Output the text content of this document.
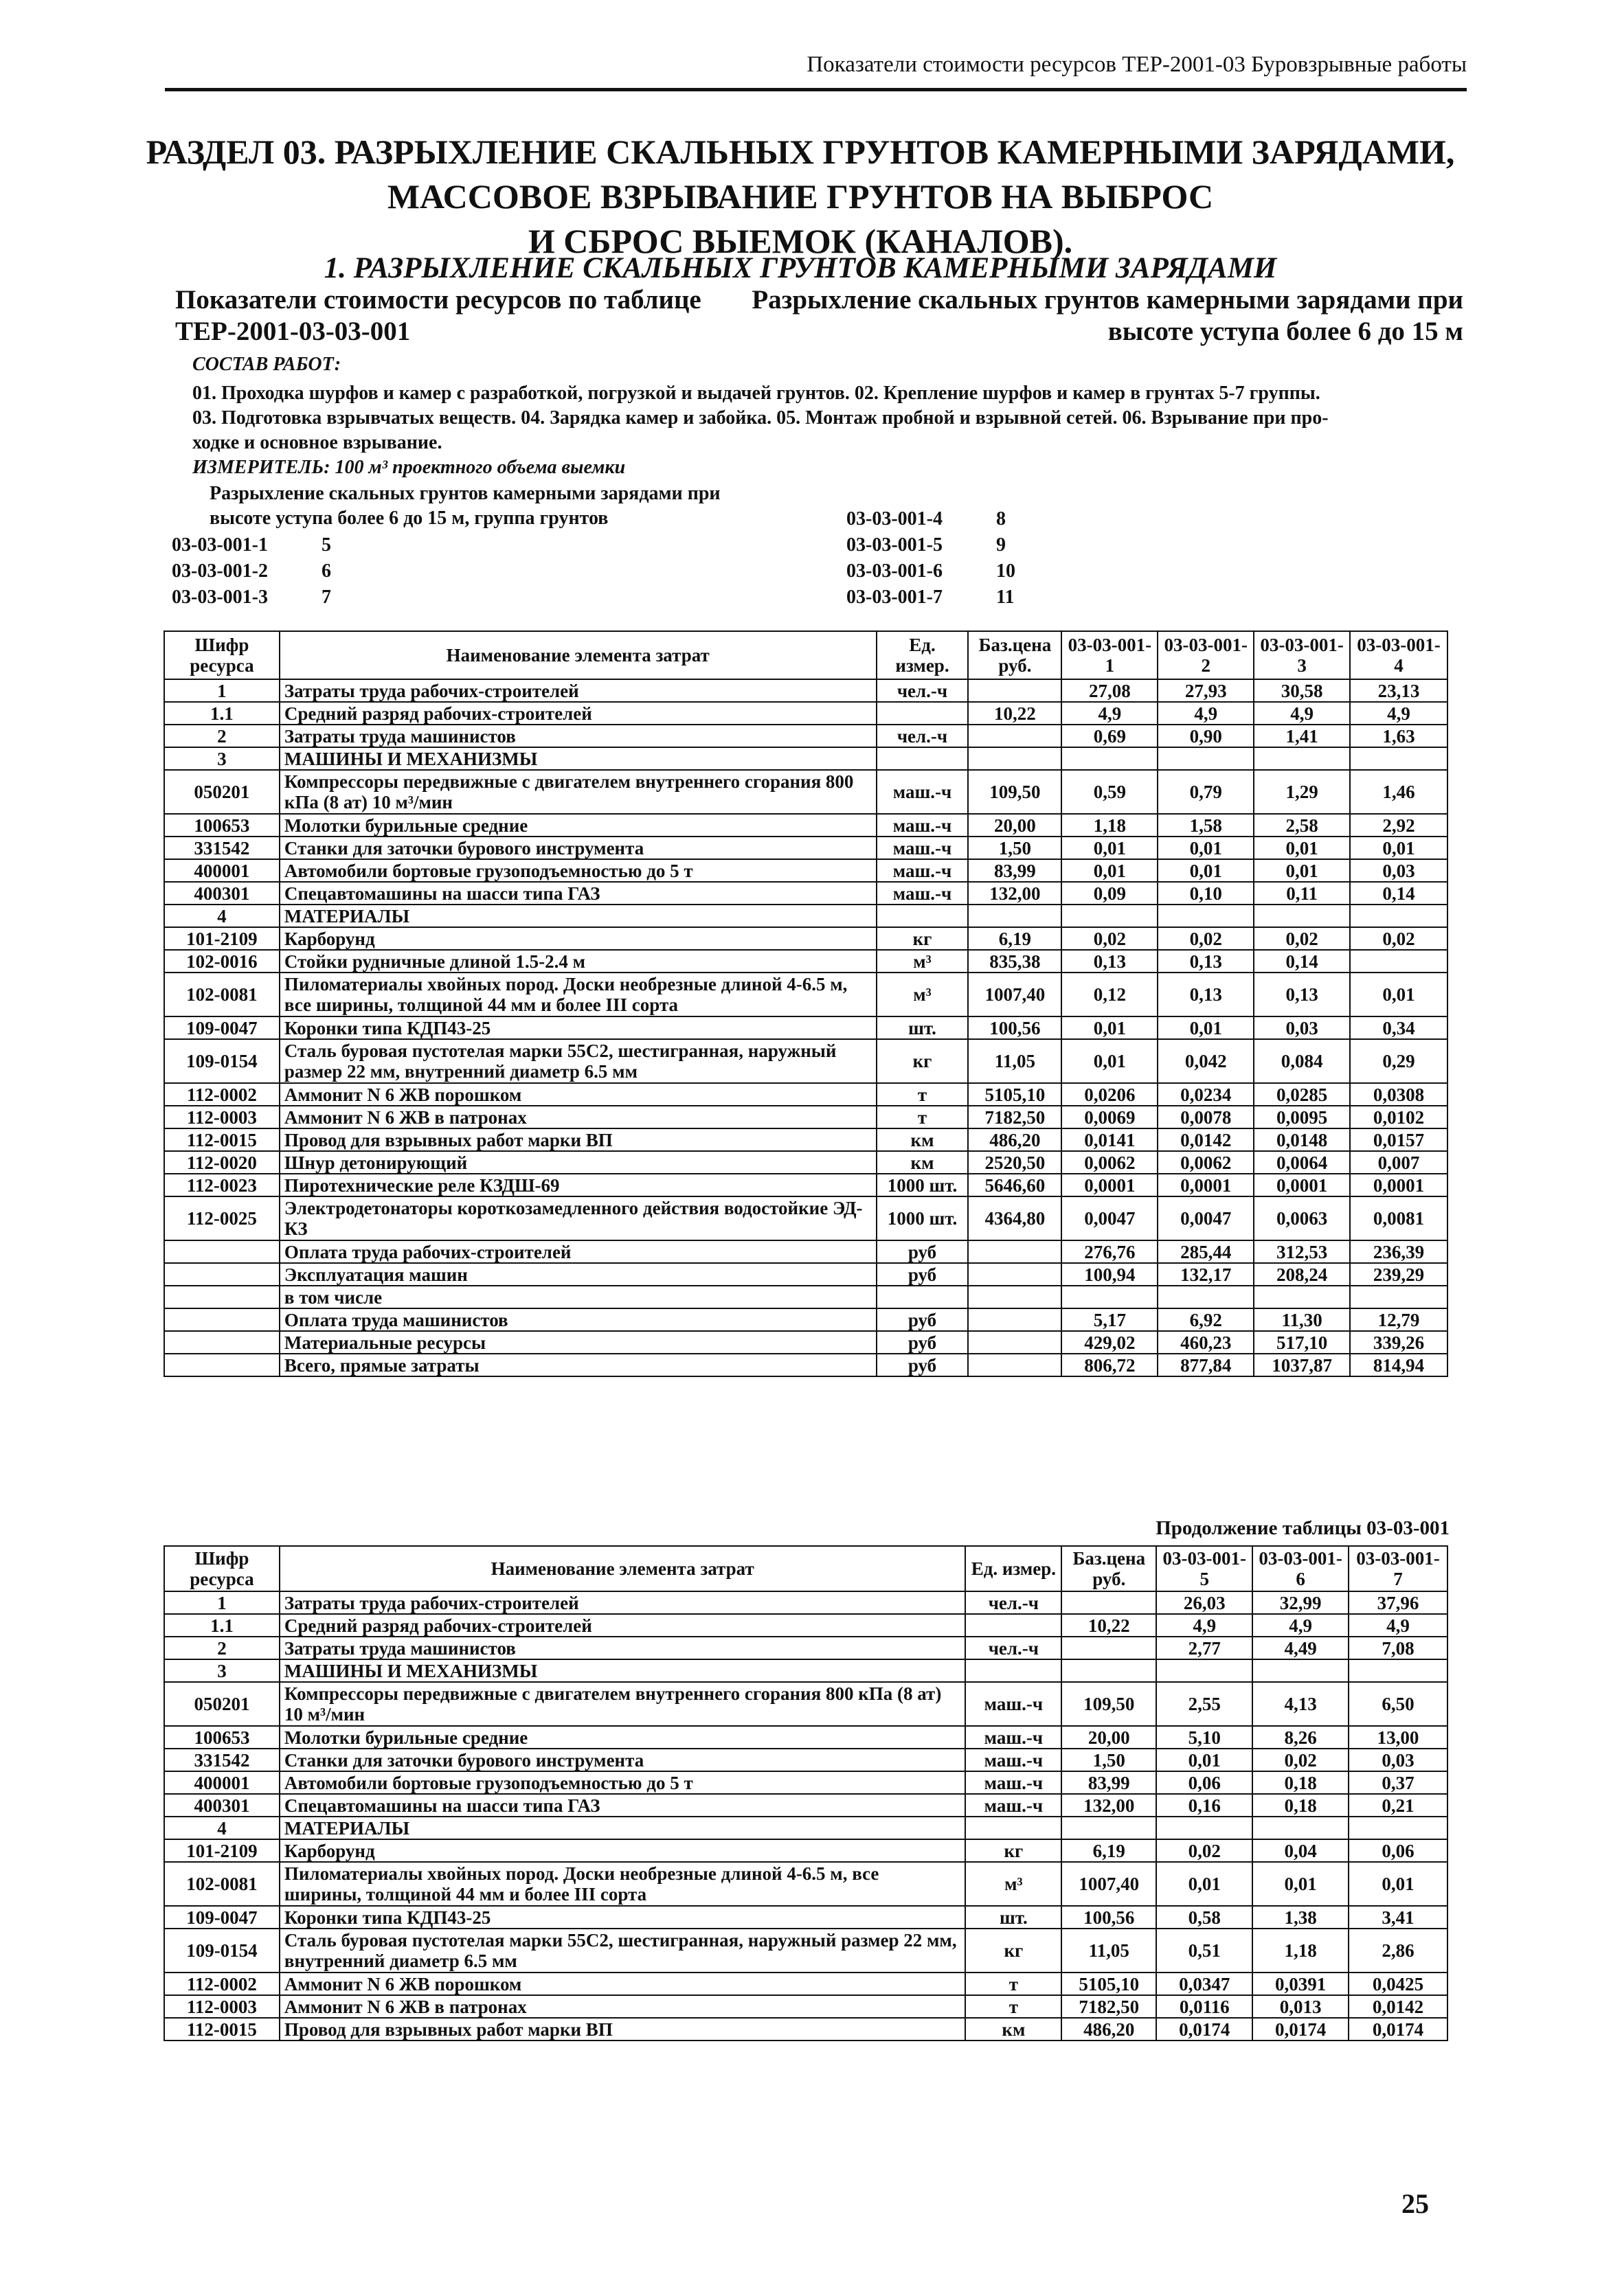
Показатели стоимости ресурсов ТЕР-2001-03 Буровзрывные работы
РАЗДЕЛ 03. РАЗРЫХЛЕНИЕ СКАЛЬНЫХ ГРУНТОВ КАМЕРНЫМИ ЗАРЯДАМИ,
МАССОВОЕ ВЗРЫВАНИЕ ГРУНТОВ НА ВЫБРОС
И СБРОС ВЫЕМОК (КАНАЛОВ).
1. РАЗРЫХЛЕНИЕ СКАЛЬНЫХ ГРУНТОВ КАМЕРНЫМИ ЗАРЯДАМИ
Показатели стоимости ресурсов по таблице ТЕР-2001-03-03-001
Разрыхление скальных грунтов камерными зарядами при высоте уступа более 6 до 15 м
СОСТАВ РАБОТ:
01. Проходка шурфов и камер с разработкой, погрузкой и выдачей грунтов. 02. Крепление шурфов и камер в грунтах 5-7 группы.
03. Подготовка взрывчатых веществ. 04. Зарядка камер и забойка. 05. Монтаж пробной и взрывной сетей. 06. Взрывание при про-
ходке и основное взрывание.
ИЗМЕРИТЕЛЬ: 100 м³ проектного объема выемки
Разрыхление скальных грунтов камерными зарядами при
высоте уступа более 6 до 15 м, группа грунтов
03-03-001-1	5
03-03-001-2	6
03-03-001-3	7
03-03-001-4	8
03-03-001-5	9
03-03-001-6	10
03-03-001-7	11
Шифр ресурса	Наименование элемента затрат	Ед. измер.	Баз.цена руб.	03-03-001-1	03-03-001-2	03-03-001-3	03-03-001-4
1	Затраты труда рабочих-строителей	чел.-ч		27,08	27,93	30,58	23,13
1.1	Средний разряд рабочих-строителей		10,22	4,9	4,9	4,9	4,9
2	Затраты труда машинистов	чел.-ч		0,69	0,90	1,41	1,63
3	МАШИНЫ И МЕХАНИЗМЫ						
050201	Компрессоры передвижные с двигателем внутреннего сгорания 800 кПа (8 ат) 10 м³/мин	маш.-ч	109,50	0,59	0,79	1,29	1,46
100653	Молотки бурильные средние	маш.-ч	20,00	1,18	1,58	2,58	2,92
331542	Станки для заточки бурового инструмента	маш.-ч	1,50	0,01	0,01	0,01	0,01
400001	Автомобили бортовые грузоподъемностью до 5 т	маш.-ч	83,99	0,01	0,01	0,01	0,03
400301	Спецавтомашины на шасси типа ГАЗ	маш.-ч	132,00	0,09	0,10	0,11	0,14
4	МАТЕРИАЛЫ						
101-2109	Карборунд	кг	6,19	0,02	0,02	0,02	0,02
102-0016	Стойки рудничные длиной 1.5-2.4 м	м³	835,38	0,13	0,13	0,14	
102-0081	Пиломатериалы хвойных пород. Доски необрезные длиной 4-6.5 м, все ширины, толщиной 44 мм и более III сорта	м³	1007,40	0,12	0,13	0,13	0,01
109-0047	Коронки типа КДП43-25	шт.	100,56	0,01	0,01	0,03	0,34
109-0154	Сталь буровая пустотелая марки 55С2, шестигранная, наружный размер 22 мм, внутренний диаметр 6.5 мм	кг	11,05	0,01	0,042	0,084	0,29
112-0002	Аммонит N 6 ЖВ порошком	т	5105,10	0,0206	0,0234	0,0285	0,0308
112-0003	Аммонит N 6 ЖВ в патронах	т	7182,50	0,0069	0,0078	0,0095	0,0102
112-0015	Провод для взрывных работ марки ВП	км	486,20	0,0141	0,0142	0,0148	0,0157
112-0020	Шнур детонирующий	км	2520,50	0,0062	0,0062	0,0064	0,007
112-0023	Пиротехнические реле КЗДШ-69	1000 шт.	5646,60	0,0001	0,0001	0,0001	0,0001
112-0025	Электродетонаторы короткозамедленного действия водостойкие ЭД-КЗ	1000 шт.	4364,80	0,0047	0,0047	0,0063	0,0081
	Оплата труда рабочих-строителей	руб		276,76	285,44	312,53	236,39
	Эксплуатация машин	руб		100,94	132,17	208,24	239,29
	в том числе						
	Оплата труда машинистов	руб		5,17	6,92	11,30	12,79
	Материальные ресурсы	руб		429,02	460,23	517,10	339,26
	Всего, прямые затраты	руб		806,72	877,84	1037,87	814,94
Продолжение таблицы 03-03-001
Шифр ресурса	Наименование элемента затрат	Ед. измер.	Баз.цена руб.	03-03-001-5	03-03-001-6	03-03-001-7
1	Затраты труда рабочих-строителей	чел.-ч		26,03	32,99	37,96
1.1	Средний разряд рабочих-строителей		10,22	4,9	4,9	4,9
2	Затраты труда машинистов	чел.-ч		2,77	4,49	7,08
3	МАШИНЫ И МЕХАНИЗМЫ					
050201	Компрессоры передвижные с двигателем внутреннего сгорания 800 кПа (8 ат) 10 м³/мин	маш.-ч	109,50	2,55	4,13	6,50
100653	Молотки бурильные средние	маш.-ч	20,00	5,10	8,26	13,00
331542	Станки для заточки бурового инструмента	маш.-ч	1,50	0,01	0,02	0,03
400001	Автомобили бортовые грузоподъемностью до 5 т	маш.-ч	83,99	0,06	0,18	0,37
400301	Спецавтомашины на шасси типа ГАЗ	маш.-ч	132,00	0,16	0,18	0,21
4	МАТЕРИАЛЫ					
101-2109	Карборунд	кг	6,19	0,02	0,04	0,06
102-0081	Пиломатериалы хвойных пород. Доски необрезные длиной 4-6.5 м, все ширины, толщиной 44 мм и более III сорта	м³	1007,40	0,01	0,01	0,01
109-0047	Коронки типа КДП43-25	шт.	100,56	0,58	1,38	3,41
109-0154	Сталь буровая пустотелая марки 55С2, шестигранная, наружный размер 22 мм, внутренний диаметр 6.5 мм	кг	11,05	0,51	1,18	2,86
112-0002	Аммонит N 6 ЖВ порошком	т	5105,10	0,0347	0,0391	0,0425
112-0003	Аммонит N 6 ЖВ в патронах	т	7182,50	0,0116	0,013	0,0142
112-0015	Провод для взрывных работ марки ВП	км	486,20	0,0174	0,0174	0,0174
25
